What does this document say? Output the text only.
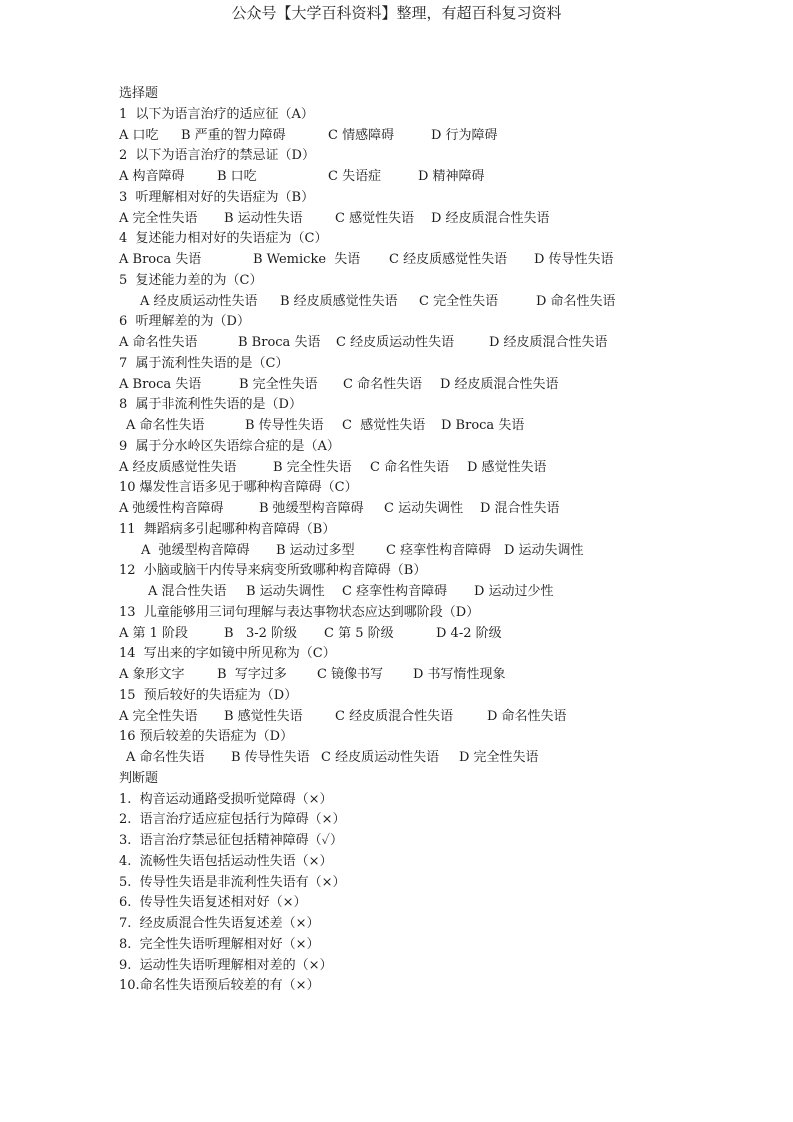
公众号【大学百科资料】整理，有超百科复习资料
选择题
1  以下为语言治疗的适应征（A）
A 口吃 B 严重的智力障碍	C 情感障碍	D 行为障碍
2  以下为语言治疗的禁忌证（D）
A 构音障碍 B 口吃	C 失语症	D 精神障碍
3  听理解相对好的失语症为（B）
A 完全性失语 B 运动性失语 C 感觉性失语 D 经皮质混合性失语
4  复述能力相对好的失语症为（C）
A Broca 失语	B Wemicke  失语 C 经皮质感觉性失语 D 传导性失语
5  复述能力差的为（C）
A 经皮质运动性失语 B 经皮质感觉性失语 C 完全性失语	D 命名性失语
6  听理解差的为（D）
A 命名性失语	B Broca 失语 C 经皮质运动性失语	D 经皮质混合性失语
7  属于流利性失语的是（C）
A Broca 失语	B 完全性失语 C 命名性失语 D 经皮质混合性失语
8  属于非流利性失语的是（D）
A 命名性失语	B 传导性失语 C  感觉性失语 D Broca 失语
9  属于分水岭区失语综合症的是（A）
A 经皮质感觉性失语	B 完全性失语 C 命名性失语 D 感觉性失语
10 爆发性言语多见于哪种构音障碍（C）
A 弛缓性构音障碍	B 弛缓型构音障碍 C 运动失调性 D 混合性失语
11  舞蹈病多引起哪种构音障碍（B）
A  弛缓型构音障碍 B 运动过多型 C 痉挛性构音障碍 D 运动失调性
12  小脑或脑干内传导来病变所致哪种构音障碍（B）
A 混合性失语 B 运动失调性 C 痉挛性构音障碍 D 运动过少性
13  儿童能够用三词句理解与表达事物状态应达到哪阶段（D）
A 第 1 阶段	B   3-2 阶级 C 第 5 阶级	D 4-2 阶级
14  写出来的字如镜中所见称为（C）
A 象形文字 B  写字过多 C 镜像书写 D 书写惰性现象
15  预后较好的失语症为（D）
A 完全性失语 B 感觉性失语 C 经皮质混合性失语	D 命名性失语
16 预后较差的失语症为（D）
A 命名性失语 B 传导性失语 C 经皮质运动性失语 D 完全性失语
判断题
1.  构音运动通路受损听觉障碍（×）
2.  语言治疗适应症包括行为障碍（×）
3.  语言治疗禁忌征包括精神障碍（✓）
4.  流畅性失语包括运动性失语（×）
5.  传导性失语是非流利性失语有（×）
6.  传导性失语复述相对好（×）
7.  经皮质混合性失语复述差（×）
8.  完全性失语听理解相对好（×）
9.  运动性失语听理解相对差的（×）
10.命名性失语预后较差的有（×）
